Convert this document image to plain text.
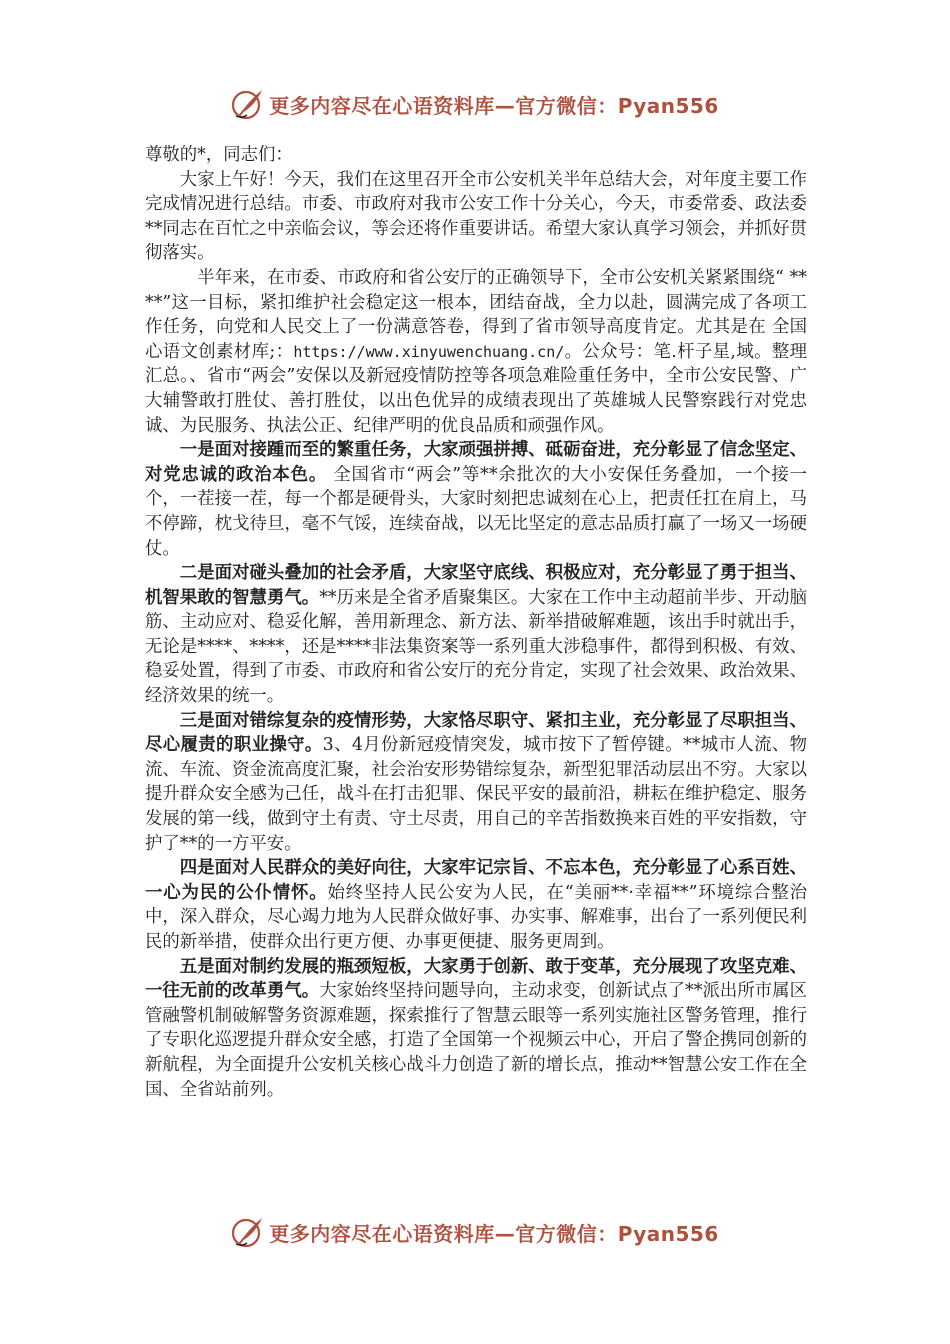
更多内容尽在心语资料库—官方微信：Pyan556

尊敬的*，同志们：

大家上午好！今天，我们在这里召开全市公安机关半年总结大会，对年度主要工作完成情况进行总结。市委、市政府对我市公安工作十分关心，今天，市委常委、政法委**同志在百忙之中亲临会议，等会还将作重要讲话。希望大家认真学习领会，并抓好贯彻落实。

半年来，在市委、市政府和省公安厅的正确领导下，全市公安机关紧紧围绕“ ****”这一目标，紧扣维护社会稳定这一根本，团结奋战，全力以赴，圆满完成了各项工作任务，向党和人民交上了一份满意答卷，得到了省市领导高度肯定。尤其是在 全国心语文创素材库;：https://www.xinyuwenchuang.cn/。公众号：笔.杆子星,域。整理汇总。、省市“两会”安保以及新冠疫情防控等各项急难险重任务中，全市公安民警、广大辅警敢打胜仗、善打胜仗，以出色优异的成绩表现出了英雄城人民警察践行对党忠诚、为民服务、执法公正、纪律严明的优良品质和顽强作风。

一是面对接踵而至的繁重任务，大家顽强拼搏、砥砺奋进，充分彰显了信念坚定、对党忠诚的政治本色。 全国省市“两会”等**余批次的大小安保任务叠加，一个接一个，一茬接一茬，每一个都是硬骨头，大家时刻把忠诚刻在心上，把责任扛在肩上，马不停蹄，枕戈待旦，毫不气馁，连续奋战，以无比坚定的意志品质打赢了一场又一场硬仗。

二是面对碰头叠加的社会矛盾，大家坚守底线、积极应对，充分彰显了勇于担当、机智果敢的智慧勇气。**历来是全省矛盾聚集区。大家在工作中主动超前半步、开动脑筋、主动应对、稳妥化解，善用新理念、新方法、新举措破解难题，该出手时就出手，无论是****、****，还是****非法集资案等一系列重大涉稳事件，都得到积极、有效、稳妥处置，得到了市委、市政府和省公安厅的充分肯定，实现了社会效果、政治效果、经济效果的统一。

三是面对错综复杂的疫情形势，大家恪尽职守、紧扣主业，充分彰显了尽职担当、尽心履责的职业操守。3、4月份新冠疫情突发，城市按下了暂停键。**城市人流、物流、车流、资金流高度汇聚，社会治安形势错综复杂，新型犯罪活动层出不穷。大家以提升群众安全感为己任，战斗在打击犯罪、保民平安的最前沿，耕耘在维护稳定、服务发展的第一线，做到守土有责、守土尽责，用自己的辛苦指数换来百姓的平安指数，守护了**的一方平安。

四是面对人民群众的美好向往，大家牢记宗旨、不忘本色，充分彰显了心系百姓、一心为民的公仆情怀。始终坚持人民公安为人民，在“美丽**·幸福**”环境综合整治中，深入群众，尽心竭力地为人民群众做好事、办实事、解难事，出台了一系列便民利民的新举措，使群众出行更方便、办事更便捷、服务更周到。

五是面对制约发展的瓶颈短板，大家勇于创新、敢于变革，充分展现了攻坚克难、一往无前的改革勇气。大家始终坚持问题导向，主动求变，创新试点了**派出所市属区管融警机制破解警务资源难题，探索推行了智慧云眼等一系列实施社区警务管理，推行了专职化巡逻提升群众安全感，打造了全国第一个视频云中心，开启了警企携同创新的新航程，为全面提升公安机关核心战斗力创造了新的增长点，推动**智慧公安工作在全国、全省站前列。

更多内容尽在心语资料库—官方微信：Pyan556
